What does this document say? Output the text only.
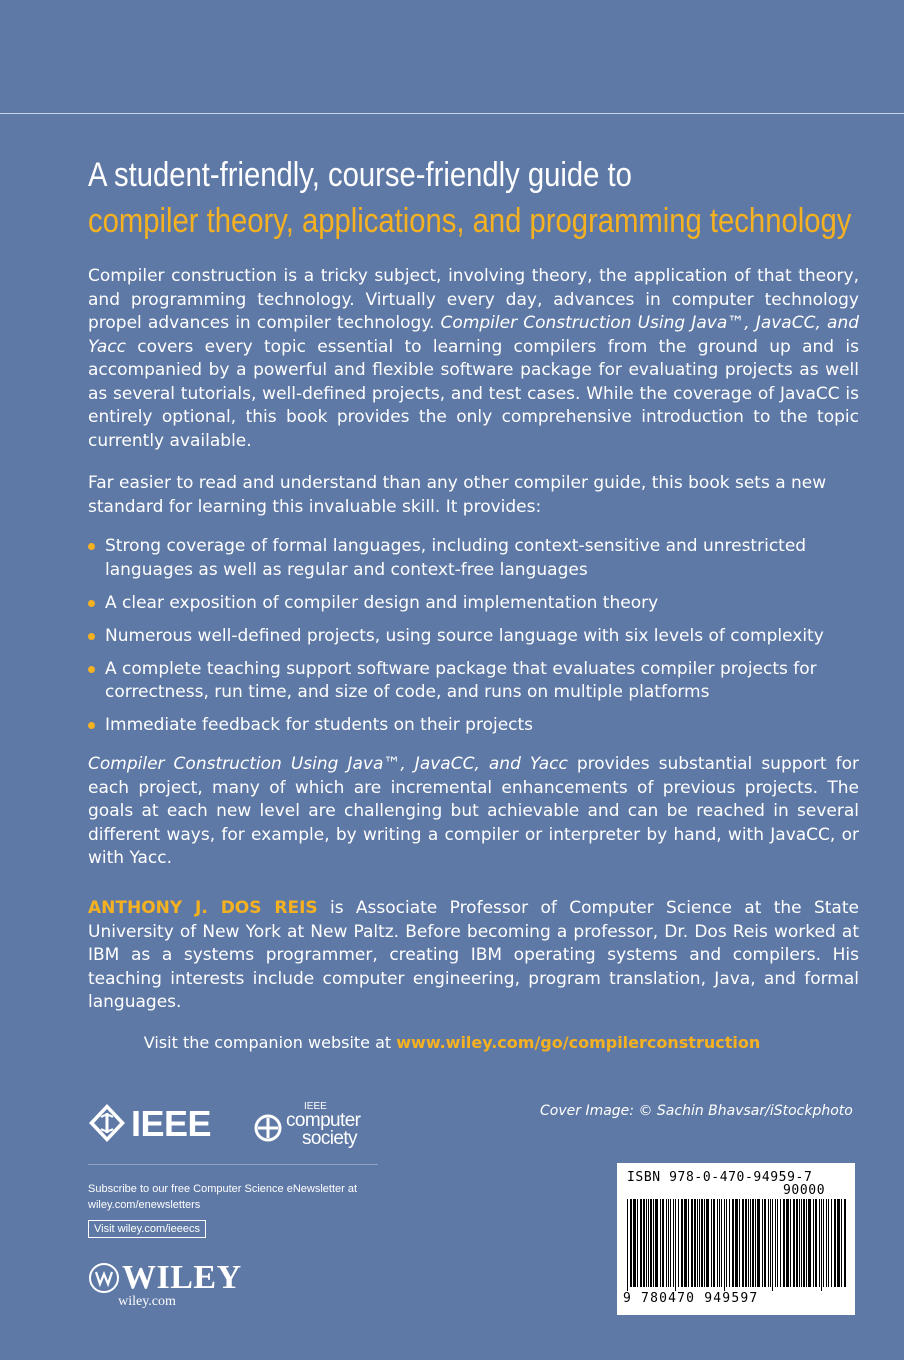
A student-friendly, course-friendly guide to
compiler theory, applications, and programming technology
Compiler construction is a tricky subject, involving theory, the application of that theory, and programming technology. Virtually every day, advances in computer technology propel advances in compiler technology. Compiler Construction Using Java™, JavaCC, and Yacc covers every topic essential to learning compilers from the ground up and is accompanied by a powerful and flexible software package for evaluating projects as well as several tutorials, well-defined projects, and test cases. While the coverage of JavaCC is entirely optional, this book provides the only comprehensive introduction to the topic currently available.
Far easier to read and understand than any other compiler guide, this book sets a new standard for learning this invaluable skill. It provides:
Strong coverage of formal languages, including context-sensitive and unrestricted languages as well as regular and context-free languages
A clear exposition of compiler design and implementation theory
Numerous well-defined projects, using source language with six levels of complexity
A complete teaching support software package that evaluates compiler projects for correctness, run time, and size of code, and runs on multiple platforms
Immediate feedback for students on their projects
Compiler Construction Using Java™, JavaCC, and Yacc provides substantial support for each project, many of which are incremental enhancements of previous projects. The goals at each new level are challenging but achievable and can be reached in several different ways, for example, by writing a compiler or interpreter by hand, with JavaCC, or with Yacc.
ANTHONY J. DOS REIS is Associate Professor of Computer Science at the State University of New York at New Paltz. Before becoming a professor, Dr. Dos Reis worked at IBM as a systems programmer, creating IBM operating systems and compilers. His teaching interests include computer engineering, program translation, Java, and formal languages.
Visit the companion website at www.wiley.com/go/compilerconstruction
IEEE	IEEE
computer
society
Cover Image: © Sachin Bhavsar/iStockphoto
Subscribe to our free Computer Science eNewsletter at wiley.com/enewsletters
Visit wiley.com/ieeecs
WILEY
wiley.com
ISBN 978-0-470-94959-7
90000
9 780470 949597
